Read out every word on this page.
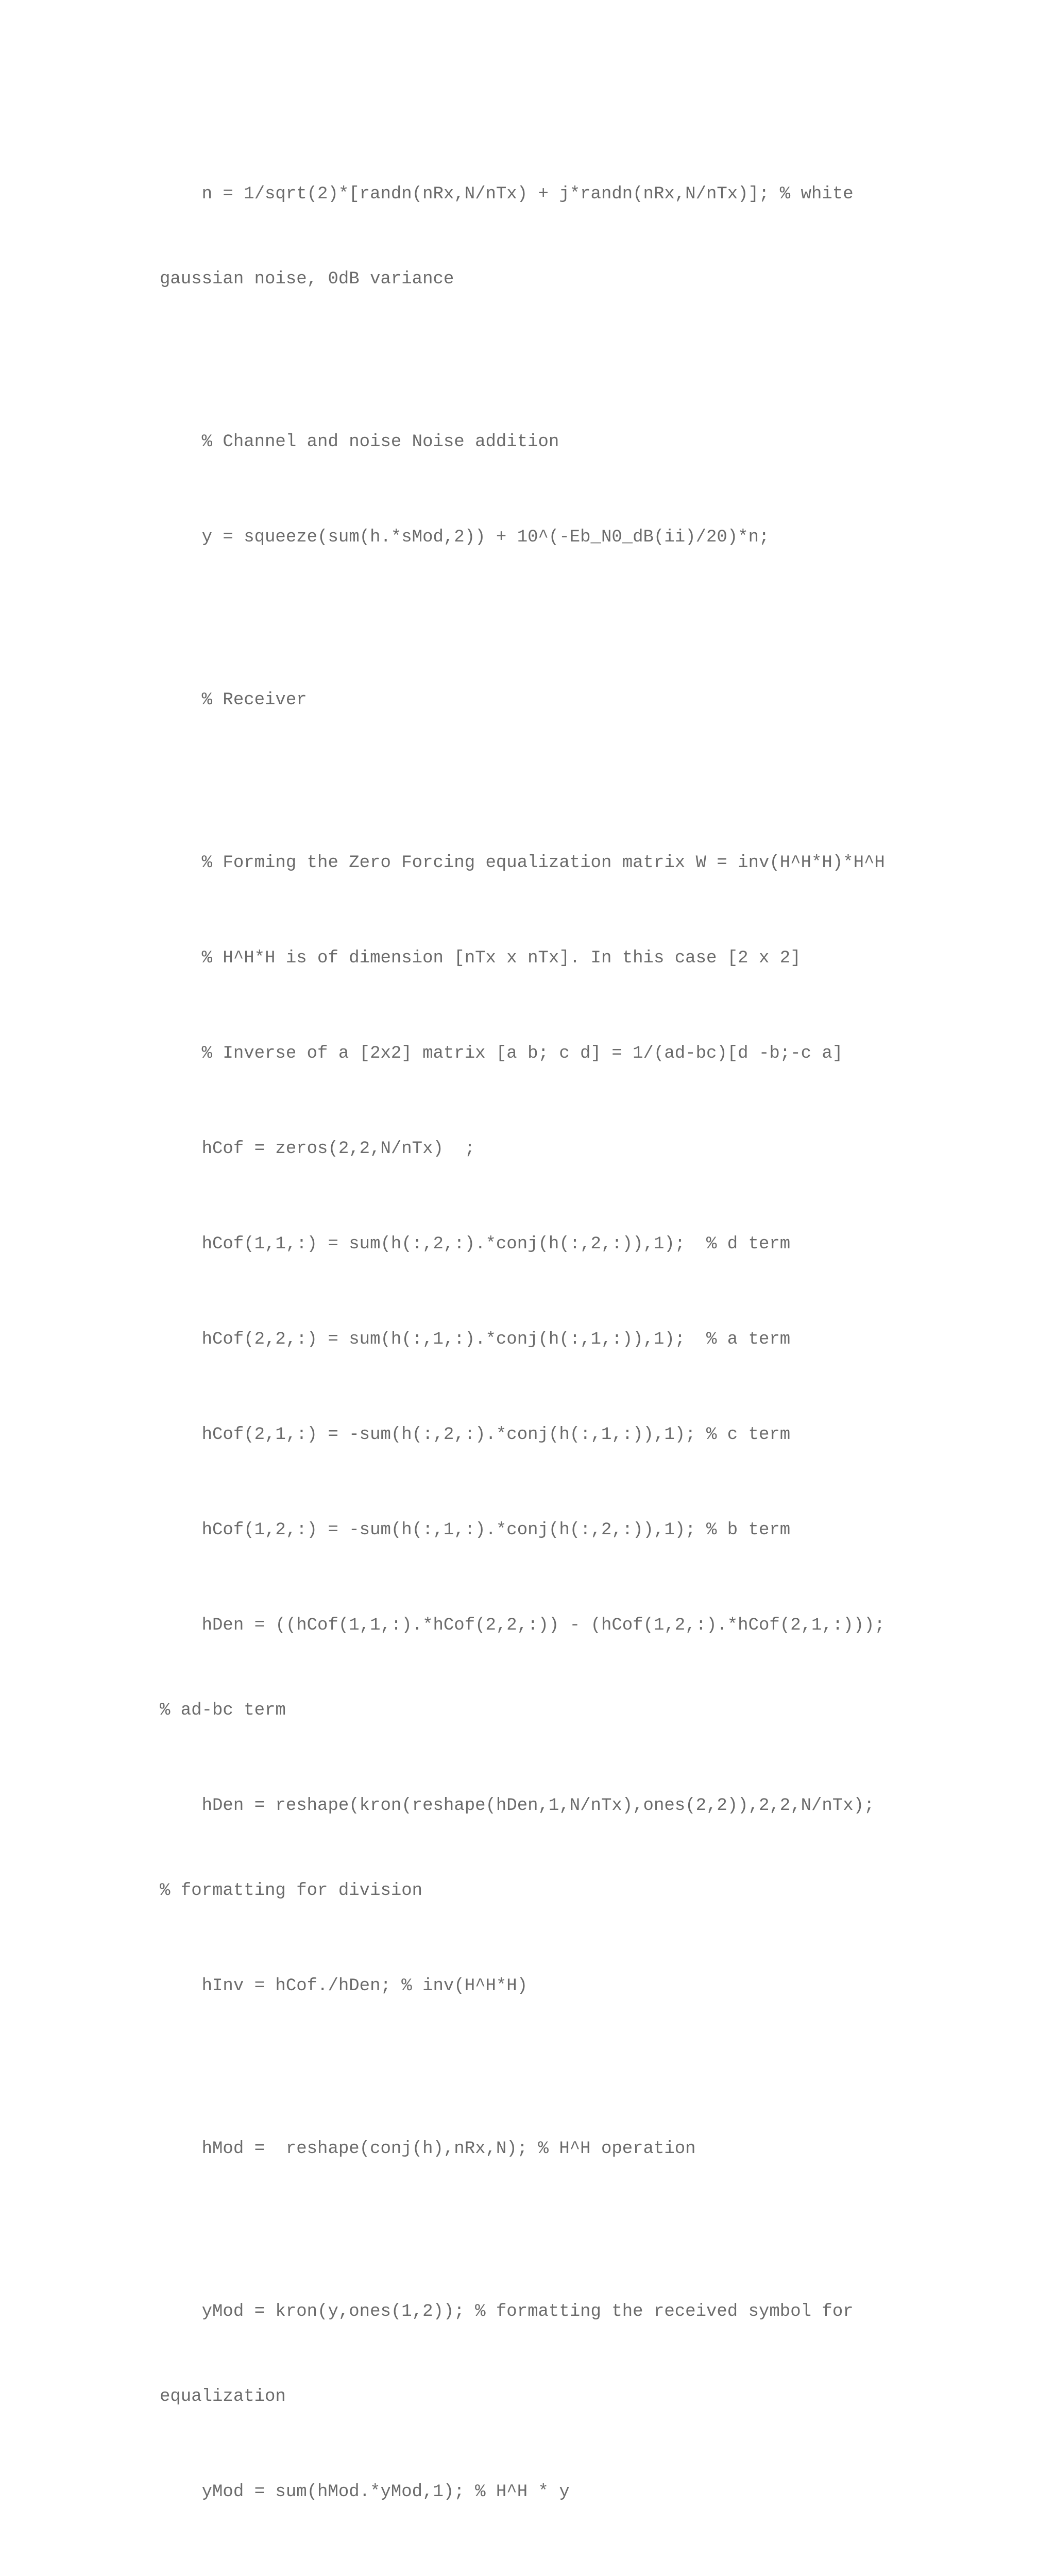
n = 1/sqrt(2)*[randn(nRx,N/nTx) + j*randn(nRx,N/nTx)]; % white

gaussian noise, 0dB variance

% Channel and noise Noise addition

y = squeeze(sum(h.*sMod,2)) + 10^(-Eb_N0_dB(ii)/20)*n;

% Receiver

% Forming the Zero Forcing equalization matrix W = inv(H^H*H)*H^H

% H^H*H is of dimension [nTx x nTx]. In this case [2 x 2]

% Inverse of a [2x2] matrix [a b; c d] = 1/(ad-bc)[d -b;-c a]

hCof = zeros(2,2,N/nTx)  ;

hCof(1,1,:) = sum(h(:,2,:).*conj(h(:,2,:)),1);  % d term

hCof(2,2,:) = sum(h(:,1,:).*conj(h(:,1,:)),1);  % a term

hCof(2,1,:) = -sum(h(:,2,:).*conj(h(:,1,:)),1); % c term

hCof(1,2,:) = -sum(h(:,1,:).*conj(h(:,2,:)),1); % b term

hDen = ((hCof(1,1,:).*hCof(2,2,:)) - (hCof(1,2,:).*hCof(2,1,:)));

% ad-bc term

hDen = reshape(kron(reshape(hDen,1,N/nTx),ones(2,2)),2,2,N/nTx);

% formatting for division

hInv = hCof./hDen; % inv(H^H*H)

hMod =  reshape(conj(h),nRx,N); % H^H operation

yMod = kron(y,ones(1,2)); % formatting the received symbol for

equalization

yMod = sum(hMod.*yMod,1); % H^H * y
